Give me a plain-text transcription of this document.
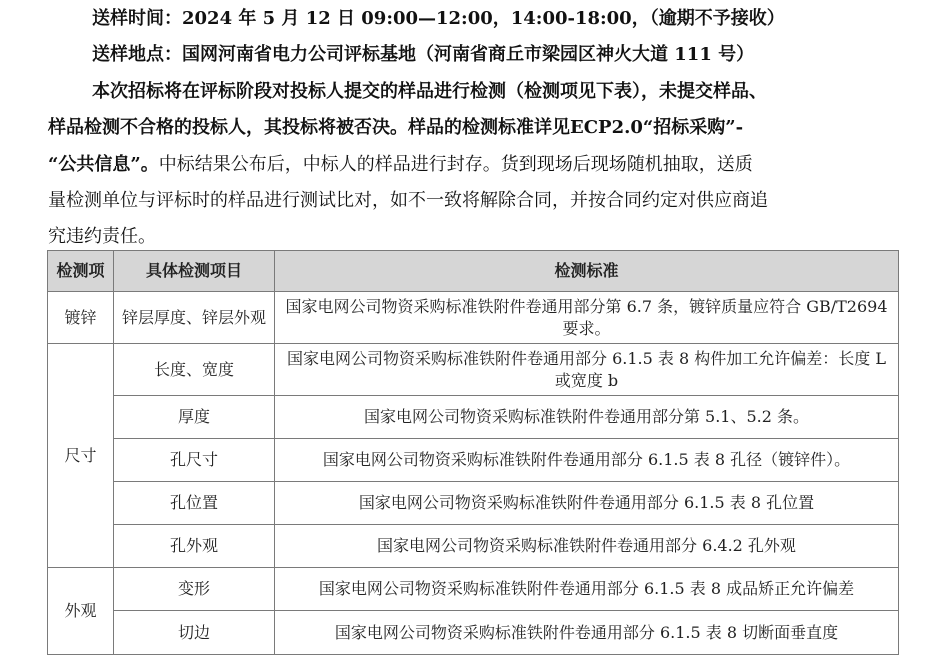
送样时间：2024 年 5 月 12 日 09:00—12:00，14:00-18:00，（逾期不予接收）
送样地点：国网河南省电力公司评标基地（河南省商丘市梁园区神火大道 111 号）
本次招标将在评标阶段对投标人提交的样品进行检测（检测项见下表），未提交样品、
样品检测不合格的投标人，其投标将被否决。样品的检测标准详见ECP2.0“招标采购”-
“公共信息”。中标结果公布后，中标人的样品进行封存。货到现场后现场随机抽取，送质
量检测单位与评标时的样品进行测试比对，如不一致将解除合同，并按合同约定对供应商追
究违约责任。
检测项	具体检测项目	检测标准
镀锌	锌层厚度、锌层外观	国家电网公司物资采购标准铁附件卷通用部分第 6.7 条，镀锌质量应符合 GB/T2694 要求。
尺寸	长度、宽度	国家电网公司物资采购标准铁附件卷通用部分 6.1.5 表 8 构件加工允许偏差：长度 L 或宽度 b
	厚度	国家电网公司物资采购标准铁附件卷通用部分第 5.1、5.2 条。
	孔尺寸	国家电网公司物资采购标准铁附件卷通用部分 6.1.5 表 8 孔径（镀锌件）。
	孔位置	国家电网公司物资采购标准铁附件卷通用部分 6.1.5 表 8 孔位置
	孔外观	国家电网公司物资采购标准铁附件卷通用部分 6.4.2 孔外观
外观	变形	国家电网公司物资采购标准铁附件卷通用部分 6.1.5 表 8 成品矫正允许偏差
	切边	国家电网公司物资采购标准铁附件卷通用部分 6.1.5 表 8 切断面垂直度
